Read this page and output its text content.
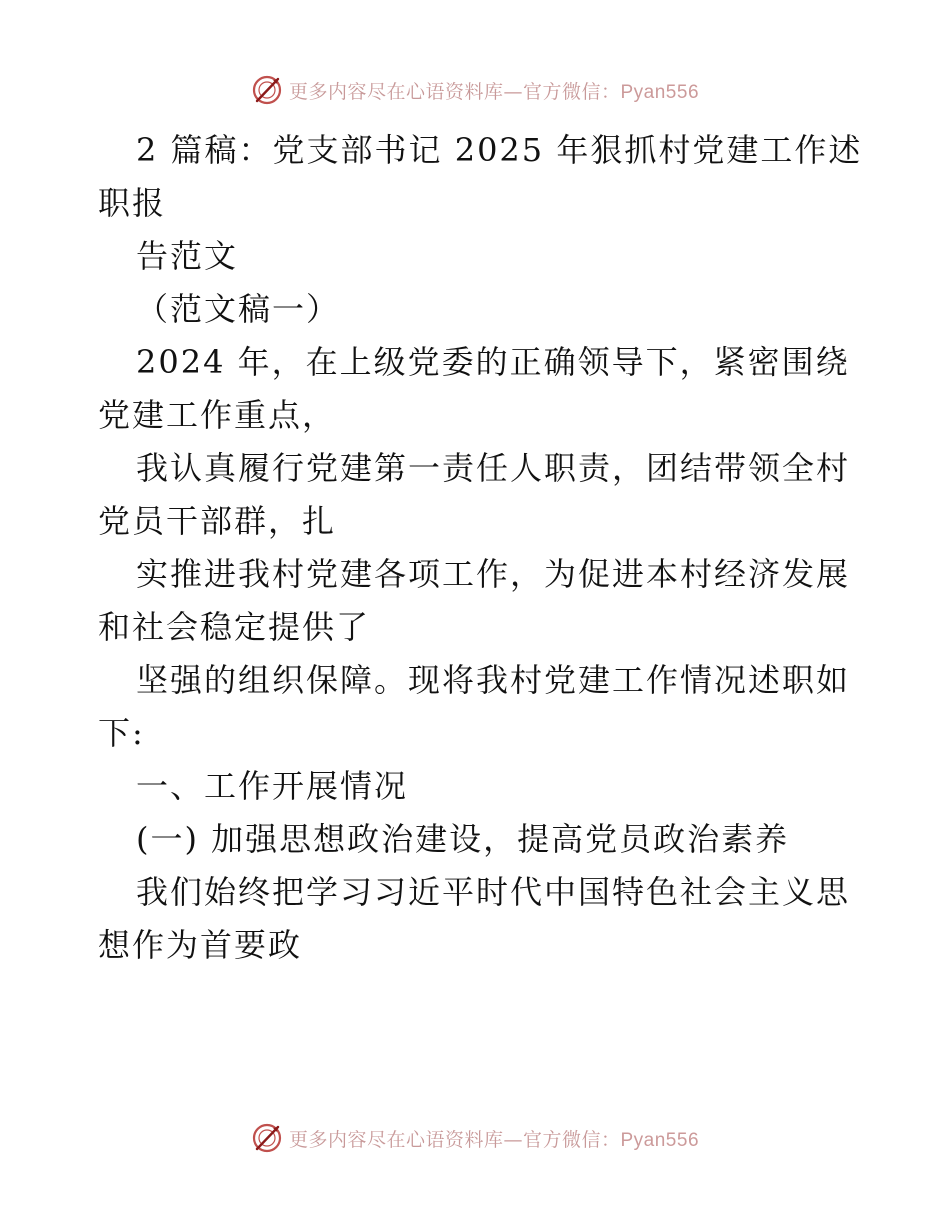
更多内容尽在心语资料库—官方微信：Pyan556
2 篇稿：党支部书记 2025 年狠抓村党建工作述
职报
告范文
（范文稿一）
2024 年，在上级党委的正确领导下，紧密围绕
党建工作重点，
我认真履行党建第一责任人职责，团结带领全村
党员干部群，扎
实推进我村党建各项工作，为促进本村经济发展
和社会稳定提供了
坚强的组织保障。现将我村党建工作情况述职如
下:
一、工作开展情况
(一) 加强思想政治建设，提高党员政治素养
我们始终把学习习近平时代中国特色社会主义思
想作为首要政
更多内容尽在心语资料库—官方微信：Pyan556
